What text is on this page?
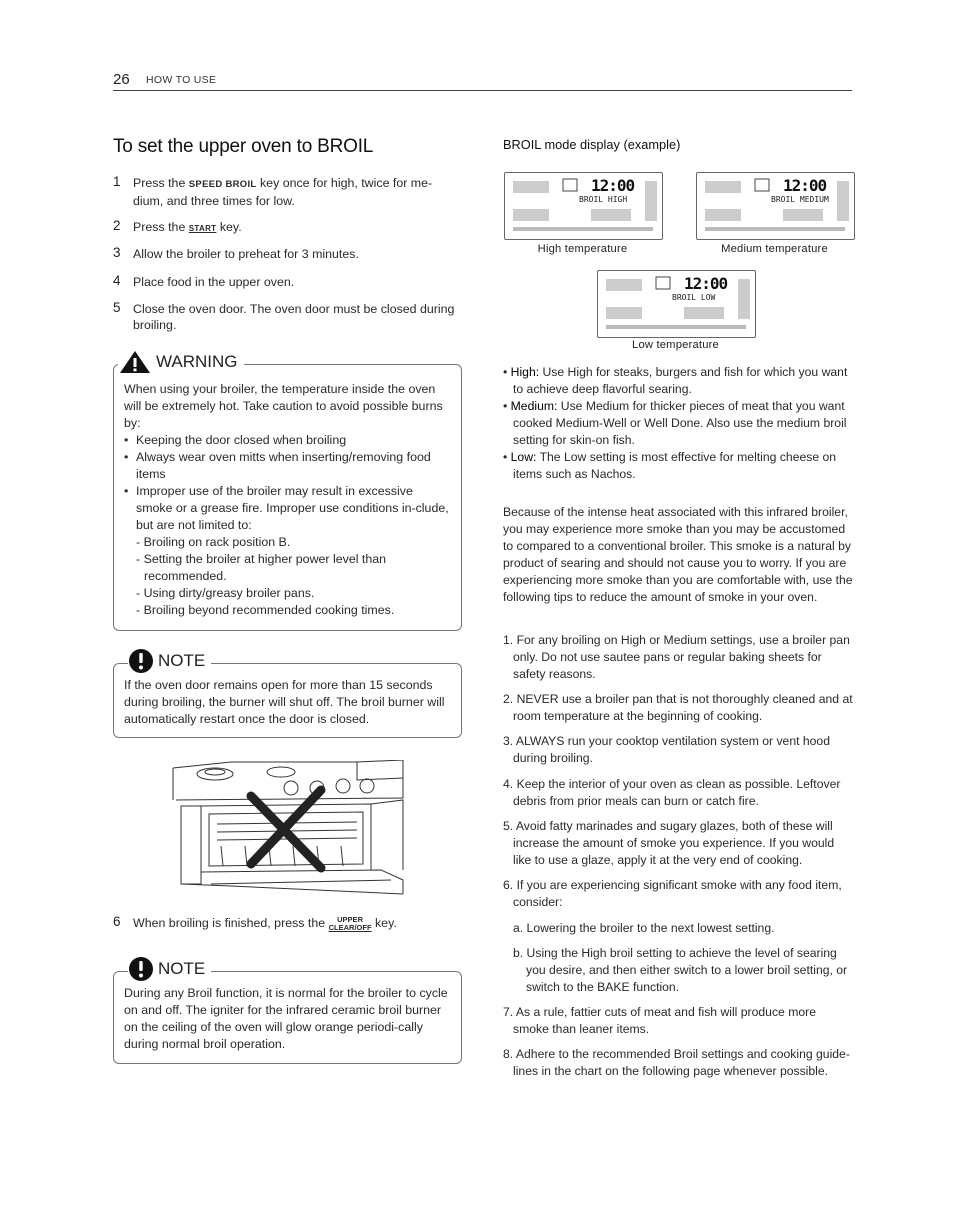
26 HOW TO USE
To set the upper oven to BROIL
1 Press the SPEED BROIL key once for high, twice for me-dium, and three times for low.
2 Press the START key.
3 Allow the broiler to preheat for 3 minutes.
4 Place food in the upper oven.
5 Close the oven door. The oven door must be closed during broiling.
WARNING
When using your broiler, the temperature inside the oven will be extremely hot. Take caution to avoid possible burns by:
• Keeping the door closed when broiling
• Always wear oven mitts when inserting/removing food items
• Improper use of the broiler may result in excessive smoke or a grease fire. Improper use conditions in-clude, but are not limited to:
- Broiling on rack position B.
- Setting the broiler at higher power level than recommended.
- Using dirty/greasy broiler pans.
- Broiling beyond recommended cooking times.
NOTE
If the oven door remains open for more than 15 seconds during broiling, the burner will shut off. The broil burner will automatically restart once the door is closed.
6 When broiling is finished, press the	UPPER
CLEAR/OFF key.
NOTE
During any Broil function, it is normal for the broiler to cycle on and off. The igniter for the infrared ceramic broil burner on the ceiling of the oven will glow orange periodi-cally during normal broil operation.
BROIL mode display (example)
12:00
BROIL HIGH
High temperature
12:00
BROIL MEDIUM
Medium temperature
12:00
BROIL LOW
Low temperature
• High: Use High for steaks, burgers and fish for which you want to achieve deep flavorful searing.
• Medium: Use Medium for thicker pieces of meat that you want cooked Medium-Well or Well Done. Also use the medium broil setting for skin-on fish.
• Low: The Low setting is most effective for melting cheese on items such as Nachos.
Because of the intense heat associated with this infrared broiler, you may experience more smoke than you may be accustomed to compared to a conventional broiler. This smoke is a natural by product of searing and should not cause you to worry. If you are experiencing more smoke than you are comfortable with, use the following tips to reduce the amount of smoke in your oven.
1. For any broiling on High or Medium settings, use a broiler pan only. Do not use sautee pans or regular baking sheets for safety reasons.
2. NEVER use a broiler pan that is not thoroughly cleaned and at room temperature at the beginning of cooking.
3. ALWAYS run your cooktop ventilation system or vent hood during broiling.
4. Keep the interior of your oven as clean as possible. Leftover debris from prior meals can burn or catch fire.
5. Avoid fatty marinades and sugary glazes, both of these will increase the amount of smoke you experience. If you would like to use a glaze, apply it at the very end of cooking.
6. If you are experiencing significant smoke with any food item, consider:
a. Lowering the broiler to the next lowest setting.
b. Using the High broil setting to achieve the level of searing you desire, and then either switch to a lower broil setting, or switch to the BAKE function.
7. As a rule, fattier cuts of meat and fish will produce more smoke than leaner items.
8. Adhere to the recommended Broil settings and cooking guide-lines in the chart on the following page whenever possible.
